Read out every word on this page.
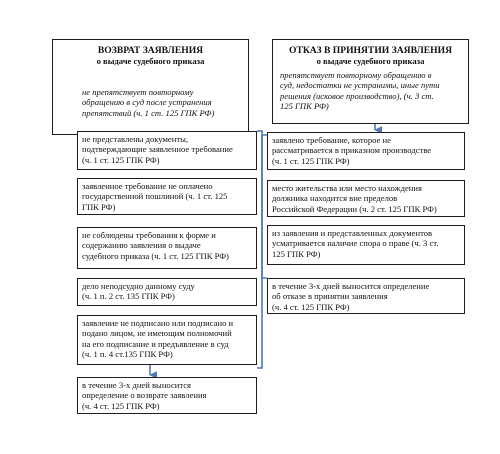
ВОЗВРАТ ЗАЯВЛЕНИЯ
о выдаче судебного приказа
не препятствует повторному
обращению в суд после устранения
препятствий (ч. 1 ст. 125 ГПК РФ)
не представлены документы,
подтверждающие заявленное требование
(ч. 1 ст. 125 ГПК РФ)
заявленное требование не оплачено
государственной пошлиной (ч. 1 ст. 125
ГПК РФ)
не соблюдены требования к форме и
содержанию заявления о выдаче
судебного приказа (ч. 1 ст. 125 ГПК РФ)
дело неподсудно данному суду
(ч. 1 п. 2 ст. 135 ГПК РФ)
заявление не подписано или подписано и
подано лицом, не имеющим полномочий
на его подписание и предъявление в суд
(ч. 1 п. 4 ст.135 ГПК РФ)
в течение 3-х дней выносится
определение о возврате заявления
(ч. 4 ст. 125 ГПК РФ)
ОТКАЗ В ПРИНЯТИИ ЗАЯВЛЕНИЯ
о выдаче судебного приказа
препятствует повторному обращению в
суд, недостатки не устранимы, иные пути
решения (исковое производство), (ч. 3 ст.
125 ГПК РФ)
заявлено требование, которое не
рассматривается в приказном производстве
(ч. 1 ст. 125 ГПК РФ)
место жительства или место нахождения
должника находится вне пределов
Российской Федерации (ч. 2 ст. 125 ГПК РФ)
из заявления и представленных документов
усматривается наличие спора о праве (ч. 3 ст.
125 ГПК РФ)
в течение 3-х дней выносится определение
об отказе в принятии заявления
(ч. 4 ст. 125 ГПК РФ)
